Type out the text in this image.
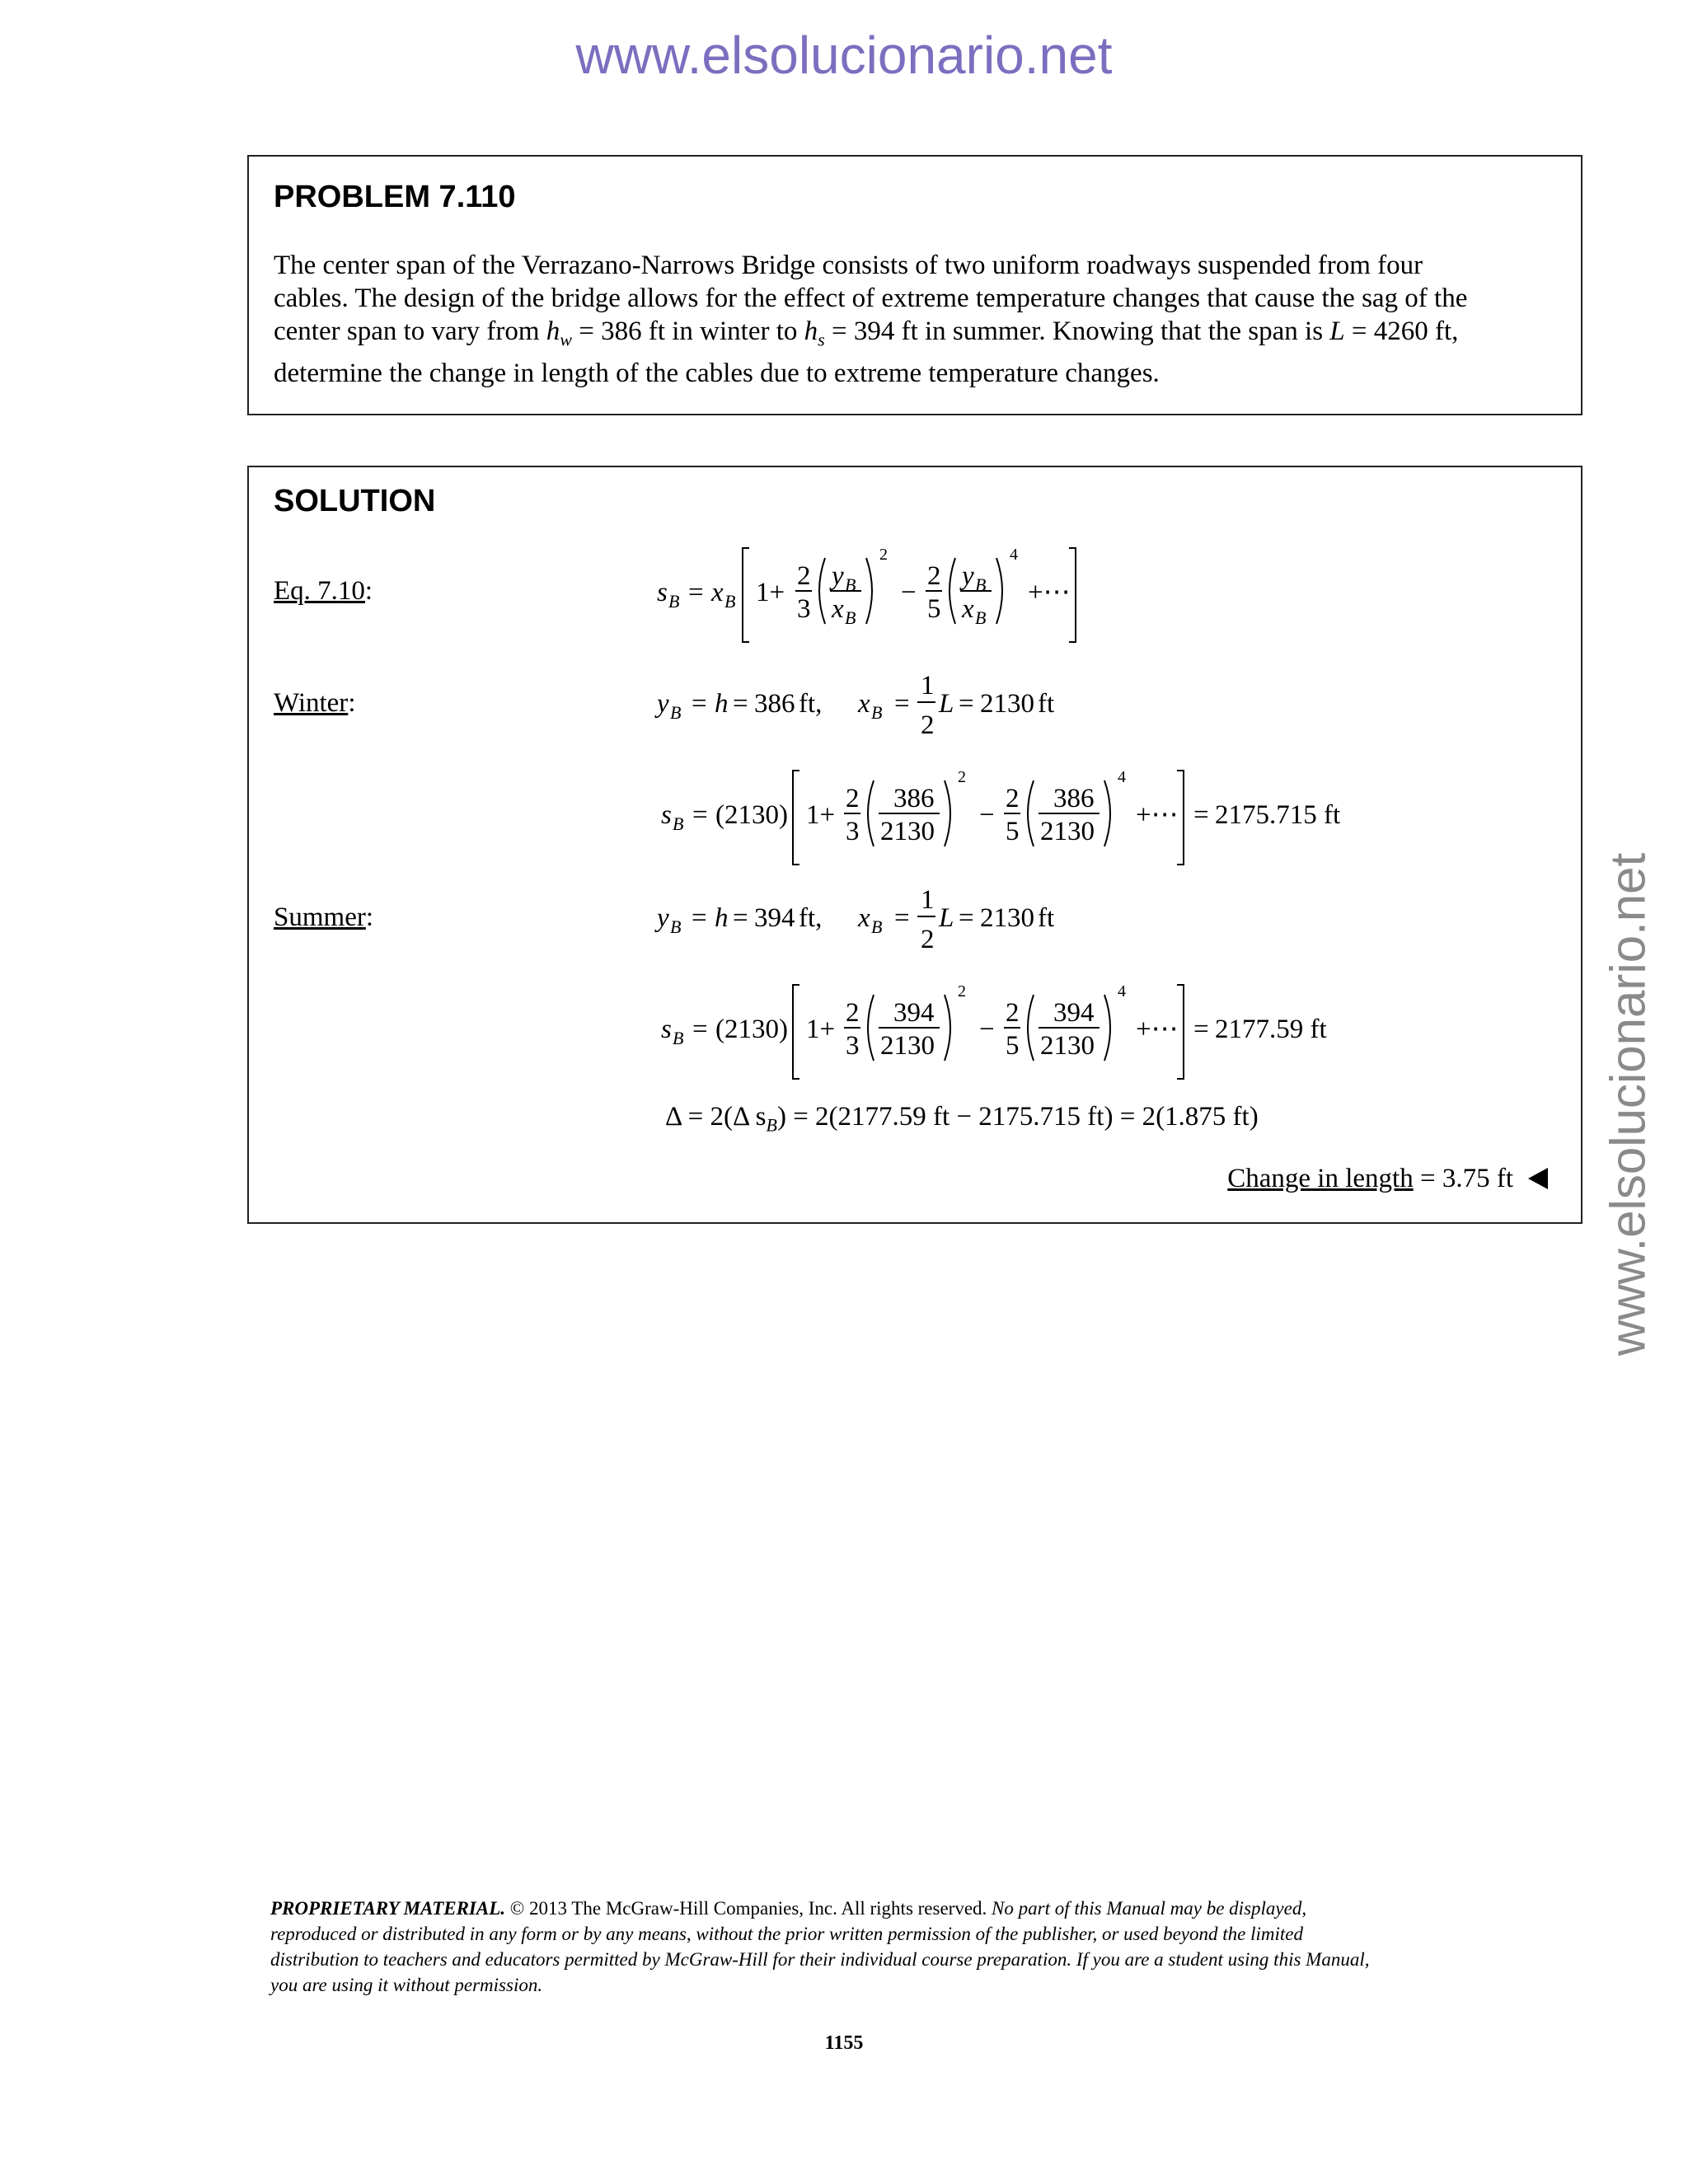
www.elsolucionario.net
www.elsolucionario.net
PROBLEM 7.110
The center span of the Verrazano-Narrows Bridge consists of two uniform roadways suspended from four
cables. The design of the bridge allows for the effect of extreme temperature changes that cause the sag of the
center span to vary from $h_w = 386$ ft in winter to $h_s = 394$ ft in summer. Knowing that the span is L = 4260 ft,
determine the change in length of the cables due to extreme temperature changes.
SOLUTION
Eq. 7.10:
Winter:
Summer:
s B = x B 1+
2
3
y B
x B
2
−
2
5
y B
x B
4
+⋯
y B = h = 386 ft, x B =
1
2
L = 2130 ft
s B = ( 2130 ) 1+
2
3
386
2130
2
−
2
5
386
2130
4
+⋯ = 2175.715 ft
y B = h = 394 ft, x B =
1
2
L = 2130 ft
s B = ( 2130 ) 1+
2
3
394
2130
2
−
2
5
394
2130
4
+⋯ = 2177.59 ft
Δ = 2(Δ $s_B) = 2(2177.59$ ft − 2175.715 ft) = 2(1.875 ft)
Change in length = 3.75 ft
PROPRIETARY MATERIAL. © 2013 The McGraw-Hill Companies, Inc. All rights reserved. No part of this Manual may be displayed,
reproduced or distributed in any form or by any means, without the prior written permission of the publisher, or used beyond the limited
distribution to teachers and educators permitted by McGraw-Hill for their individual course preparation. If you are a student using this Manual,
you are using it without permission.
1155
